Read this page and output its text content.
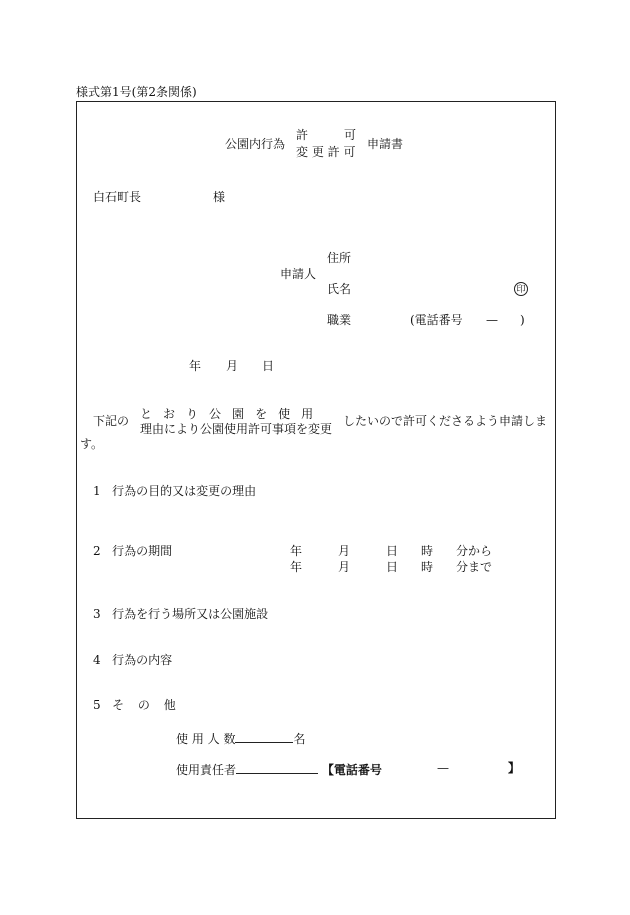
様式第1号(第2条関係)
公園内行為
許	可
変 更 許 可
申請書
白石町長	様
住所
申請人
氏名	印
職業	(電話番号 — )
年 月 日
下記の と お り 公 園 を 使 用
理由により公園使用許可事項を変更
したいので許可くださるよう申請しま
す。
1 行為の目的又は変更の理由
2 行為の期間	年	月	日 時 分から
年	月	日 時 分まで
3 行為を行う場所又は公園施設
4 行為の内容
5 そ の 他
使 用 人 数	名
使用責任者	【電話番号	—	】
